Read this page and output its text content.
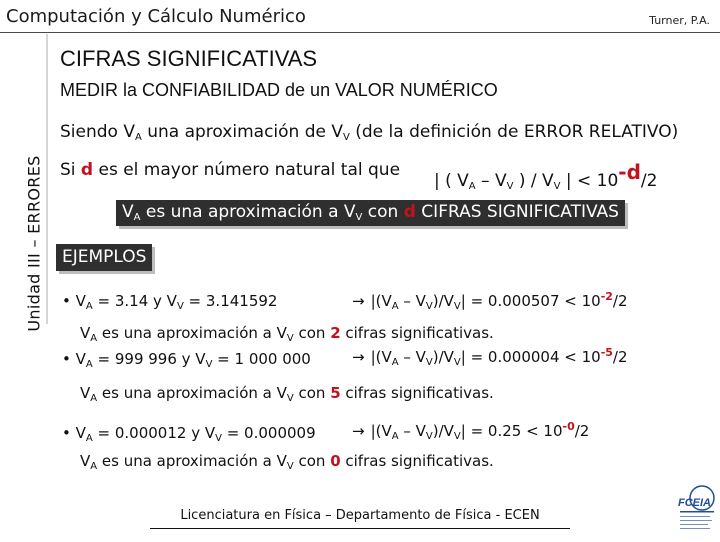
Computación y Cálculo Numérico	Turner, P.A.
Unidad III – ERRORES
CIFRAS SIGNIFICATIVAS
MEDIR la CONFIABILIDAD de un VALOR NUMÉRICO
Siendo $V_A$ una aproximación de $V_V$ (de la definición de ERROR RELATIVO)
Si d es el mayor número natural tal que
| ( $V_A - V_V$ ) / $V_V$ | < 10-d/2
$V_A$ es una aproximación a $V_V$ con d CIFRAS SIGNIFICATIVAS
EJEMPLOS
• $V_A = 3.14$ y $V_V = 3.141592$	→ $|(V_A - V_V)/V_V| = 0.000507 < 10^{-2}/2$
$V_A$ es una aproximación a $V_V$ con 2 cifras significativas.
• $V_A = 999$ 996 y $V_V = 1$ 000 000	→ $|(V_A - V_V)/V_V| = 0.000004 < 10^{-5}/2$
$V_A$ es una aproximación a $V_V$ con 5 cifras significativas.
• $V_A = 0.000012$ y $V_V = 0.000009$	→ $|(V_A - V_V)/V_V| = 0.25 < 10^{-0}/2$
$V_A$ es una aproximación a $V_V$ con 0 cifras significativas.
Licenciatura en Física – Departamento de Física - ECEN
FCEIA
